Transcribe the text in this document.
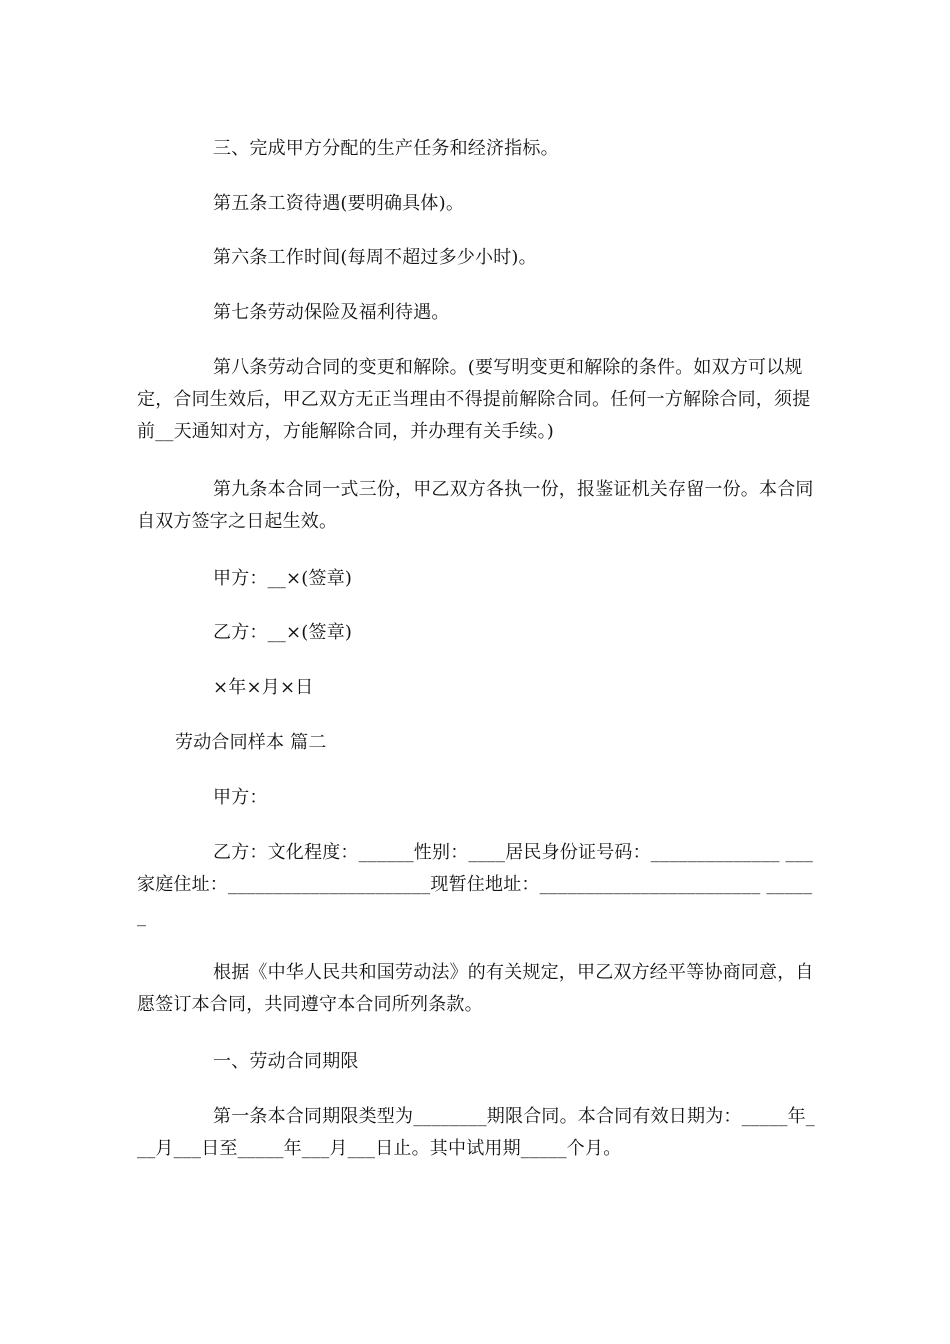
三、完成甲方分配的生产任务和经济指标。

第五条工资待遇(要明确具体)。

第六条工作时间(每周不超过多少小时)。

第七条劳动保险及福利待遇。

第八条劳动合同的变更和解除。(要写明变更和解除的条件。如双方可以规定，合同生效后，甲乙双方无正当理由不得提前解除合同。任何一方解除合同，须提前__天通知对方，方能解除合同，并办理有关手续。)

第九条本合同一式三份，甲乙双方各执一份，报鉴证机关存留一份。本合同自双方签字之日起生效。

甲方：__×(签章)

乙方：__×(签章)

×年×月×日

劳动合同样本 篇二

甲方：

乙方：文化程度：______性别：____居民身份证号码：______________ ___家庭住址：______________________现暂住地址：________________________ ______

根据《中华人民共和国劳动法》的有关规定，甲乙双方经平等协商同意，自愿签订本合同，共同遵守本合同所列条款。

一、劳动合同期限

第一条本合同期限类型为________期限合同。本合同有效日期为：_____年___月___日至_____年___月___日止。其中试用期_____个月。
